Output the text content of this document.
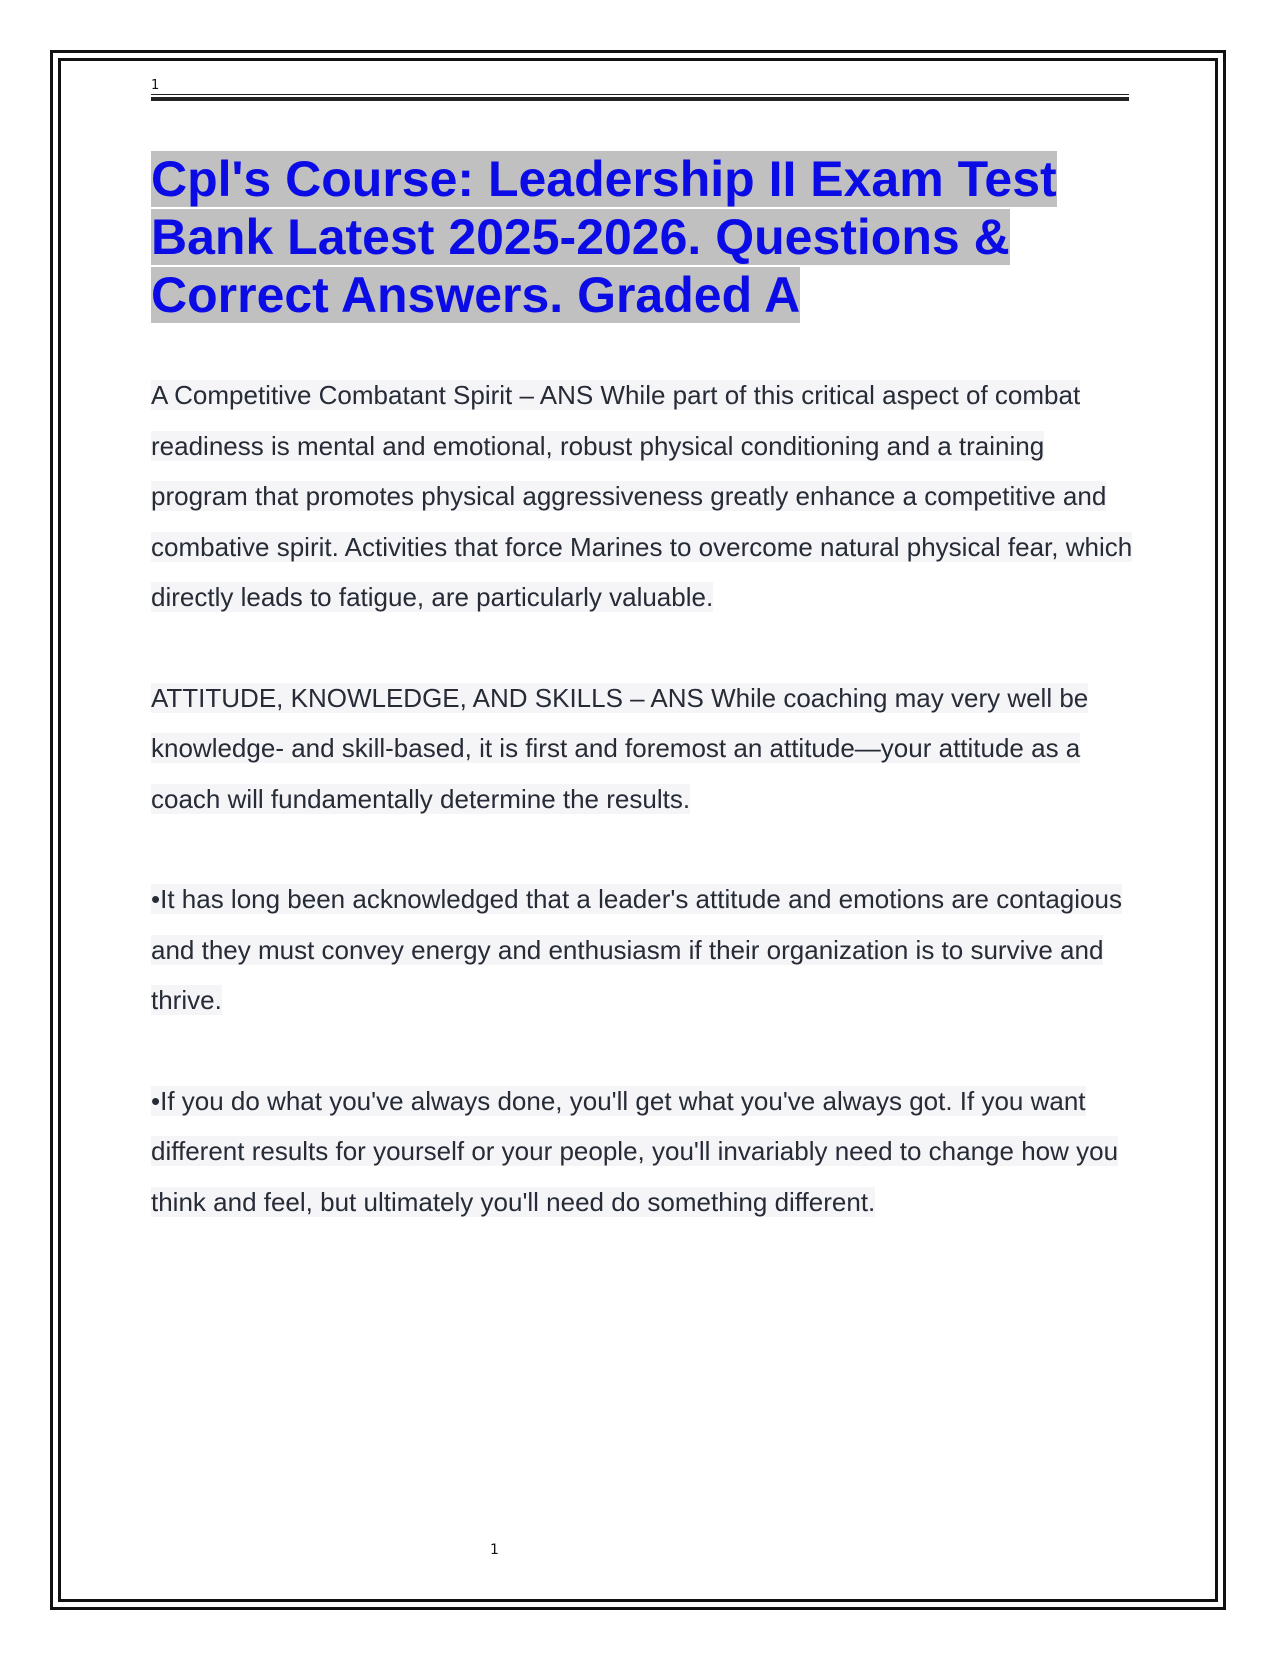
1
Cpl's Course: Leadership II Exam Test Bank Latest 2025-2026. Questions & Correct Answers. Graded A

A Competitive Combatant Spirit – ANS While part of this critical aspect of combat readiness is mental and emotional, robust physical conditioning and a training program that promotes physical aggressiveness greatly enhance a competitive and combative spirit. Activities that force Marines to overcome natural physical fear, which directly leads to fatigue, are particularly valuable.

ATTITUDE, KNOWLEDGE, AND SKILLS – ANS While coaching may very well be knowledge- and skill-based, it is first and foremost an attitude—your attitude as a coach will fundamentally determine the results.

•It has long been acknowledged that a leader's attitude and emotions are contagious and they must convey energy and enthusiasm if their organization is to survive and thrive.

•If you do what you've always done, you'll get what you've always got. If you want different results for yourself or your people, you'll invariably need to change how you think and feel, but ultimately you'll need do something different.

1
